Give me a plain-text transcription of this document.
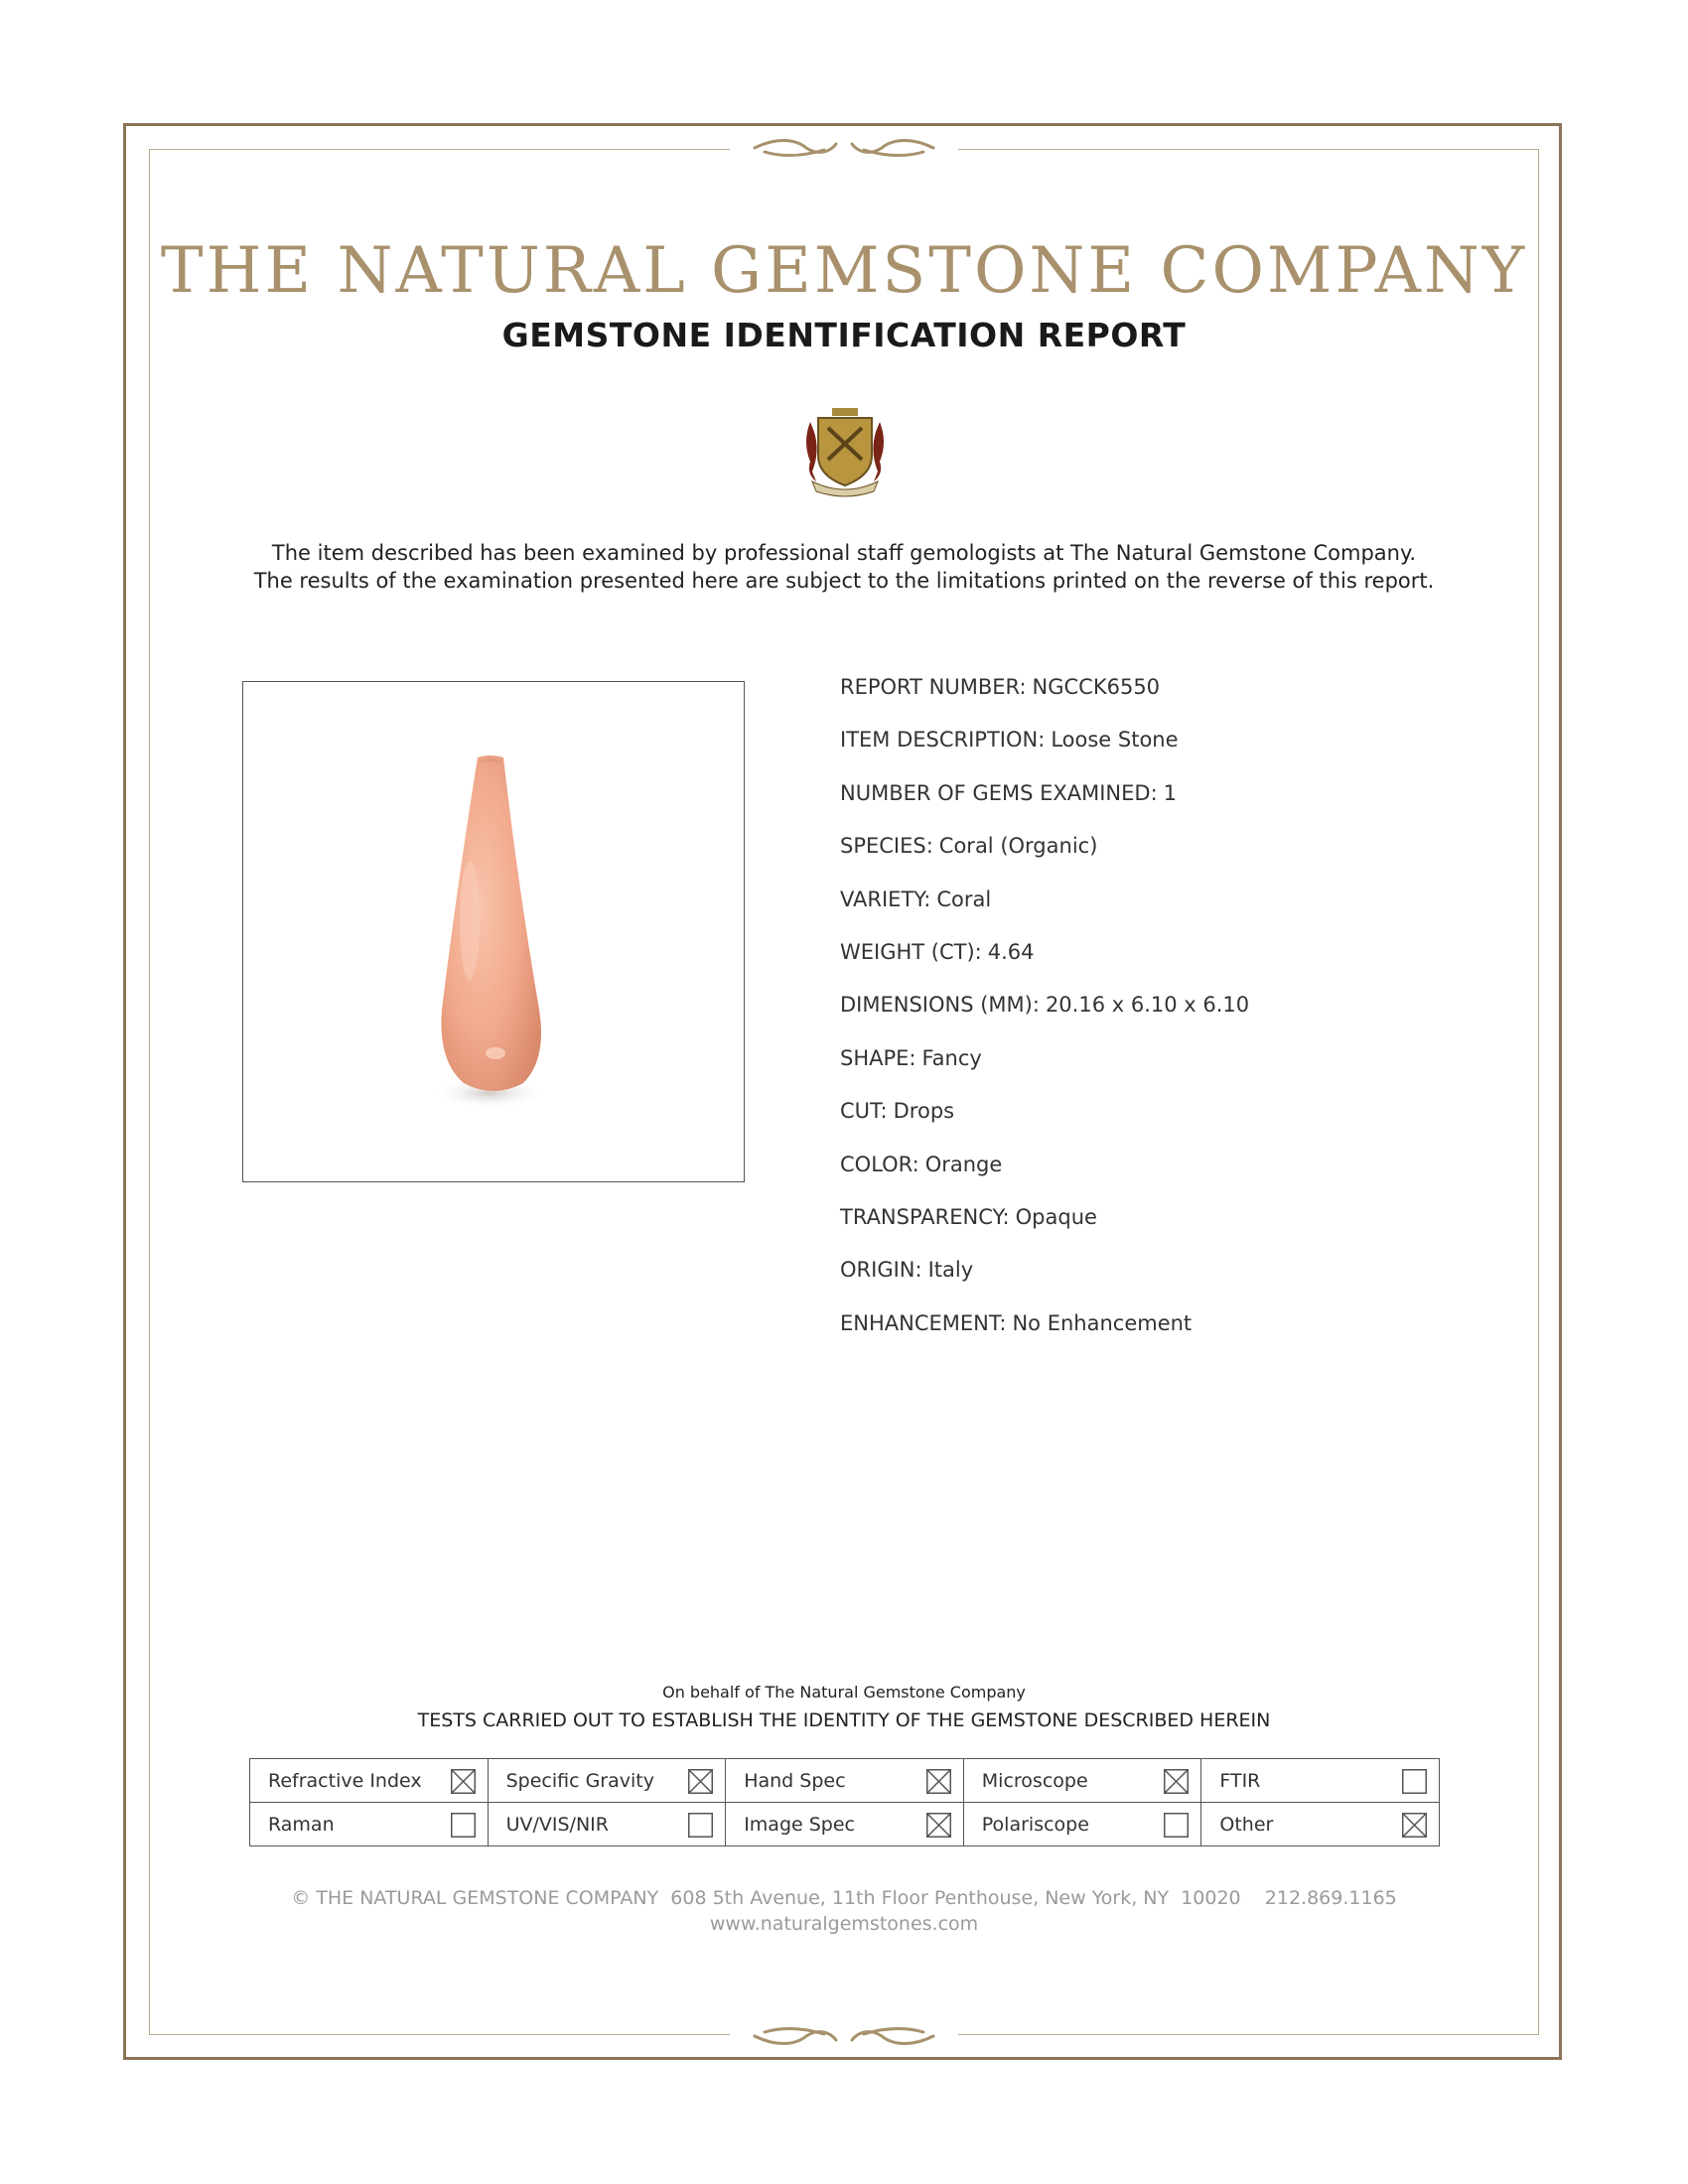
THE NATURAL GEMSTONE COMPANY
GEMSTONE IDENTIFICATION REPORT
The item described has been examined by professional staff gemologists at The Natural Gemstone Company.
The results of the examination presented here are subject to the limitations printed on the reverse of this report.
REPORT NUMBER: NGCCK6550
ITEM DESCRIPTION: Loose Stone
NUMBER OF GEMS EXAMINED: 1
SPECIES: Coral (Organic)
VARIETY: Coral
WEIGHT (CT): 4.64
DIMENSIONS (MM): 20.16 x 6.10 x 6.10
SHAPE: Fancy
CUT: Drops
COLOR: Orange
TRANSPARENCY: Opaque
ORIGIN: Italy
ENHANCEMENT: No Enhancement
On behalf of The Natural Gemstone Company
TESTS CARRIED OUT TO ESTABLISH THE IDENTITY OF THE GEMSTONE DESCRIBED HEREIN
Refractive Index	Specific Gravity	Hand Spec	Microscope	FTIR

Raman	UV/VIS/NIR	Image Spec	Polariscope	Other
© THE NATURAL GEMSTONE COMPANY  608 5th Avenue, 11th Floor Penthouse, New York, NY  10020    212.869.1165
www.naturalgemstones.com
